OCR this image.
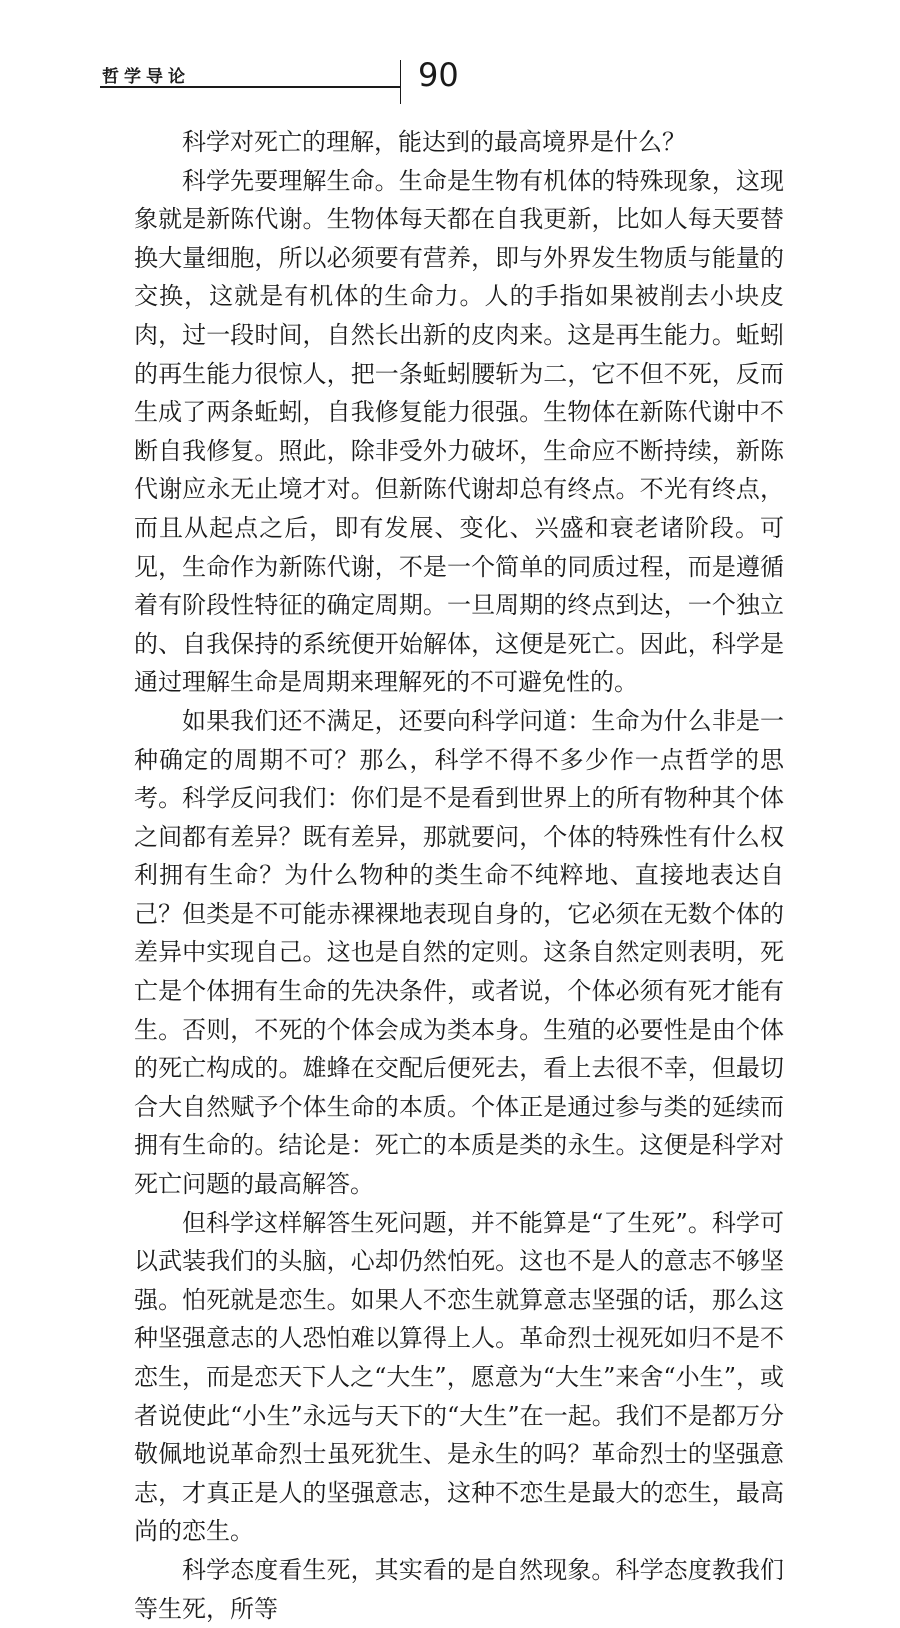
哲学导论	90

科学对死亡的理解，能达到的最高境界是什么？

科学先要理解生命。生命是生物有机体的特殊现象，这现象就是新陈代谢。生物体每天都在自我更新，比如人每天要替换大量细胞，所以必须要有营养，即与外界发生物质与能量的交换，这就是有机体的生命力。人的手指如果被削去小块皮肉，过一段时间，自然长出新的皮肉来。这是再生能力。蚯蚓的再生能力很惊人，把一条蚯蚓腰斩为二，它不但不死，反而生成了两条蚯蚓，自我修复能力很强。生物体在新陈代谢中不断自我修复。照此，除非受外力破坏，生命应不断持续，新陈代谢应永无止境才对。但新陈代谢却总有终点。不光有终点，而且从起点之后，即有发展、变化、兴盛和衰老诸阶段。可见，生命作为新陈代谢，不是一个简单的同质过程，而是遵循着有阶段性特征的确定周期。一旦周期的终点到达，一个独立的、自我保持的系统便开始解体，这便是死亡。因此，科学是通过理解生命是周期来理解死的不可避免性的。

如果我们还不满足，还要向科学问道：生命为什么非是一种确定的周期不可？那么，科学不得不多少作一点哲学的思考。科学反问我们：你们是不是看到世界上的所有物种其个体之间都有差异？既有差异，那就要问，个体的特殊性有什么权利拥有生命？为什么物种的类生命不纯粹地、直接地表达自己？但类是不可能赤裸裸地表现自身的，它必须在无数个体的差异中实现自己。这也是自然的定则。这条自然定则表明，死亡是个体拥有生命的先决条件，或者说，个体必须有死才能有生。否则，不死的个体会成为类本身。生殖的必要性是由个体的死亡构成的。雄蜂在交配后便死去，看上去很不幸，但最切合大自然赋予个体生命的本质。个体正是通过参与类的延续而拥有生命的。结论是：死亡的本质是类的永生。这便是科学对死亡问题的最高解答。

但科学这样解答生死问题，并不能算是“了生死”。科学可以武装我们的头脑，心却仍然怕死。这也不是人的意志不够坚强。怕死就是恋生。如果人不恋生就算意志坚强的话，那么这种坚强意志的人恐怕难以算得上人。革命烈士视死如归不是不恋生，而是恋天下人之“大生”，愿意为“大生”来舍“小生”，或者说使此“小生”永远与天下的“大生”在一起。我们不是都万分敬佩地说革命烈士虽死犹生、是永生的吗？革命烈士的坚强意志，才真正是人的坚强意志，这种不恋生是最大的恋生，最高尚的恋生。

科学态度看生死，其实看的是自然现象。科学态度教我们等生死，所等
